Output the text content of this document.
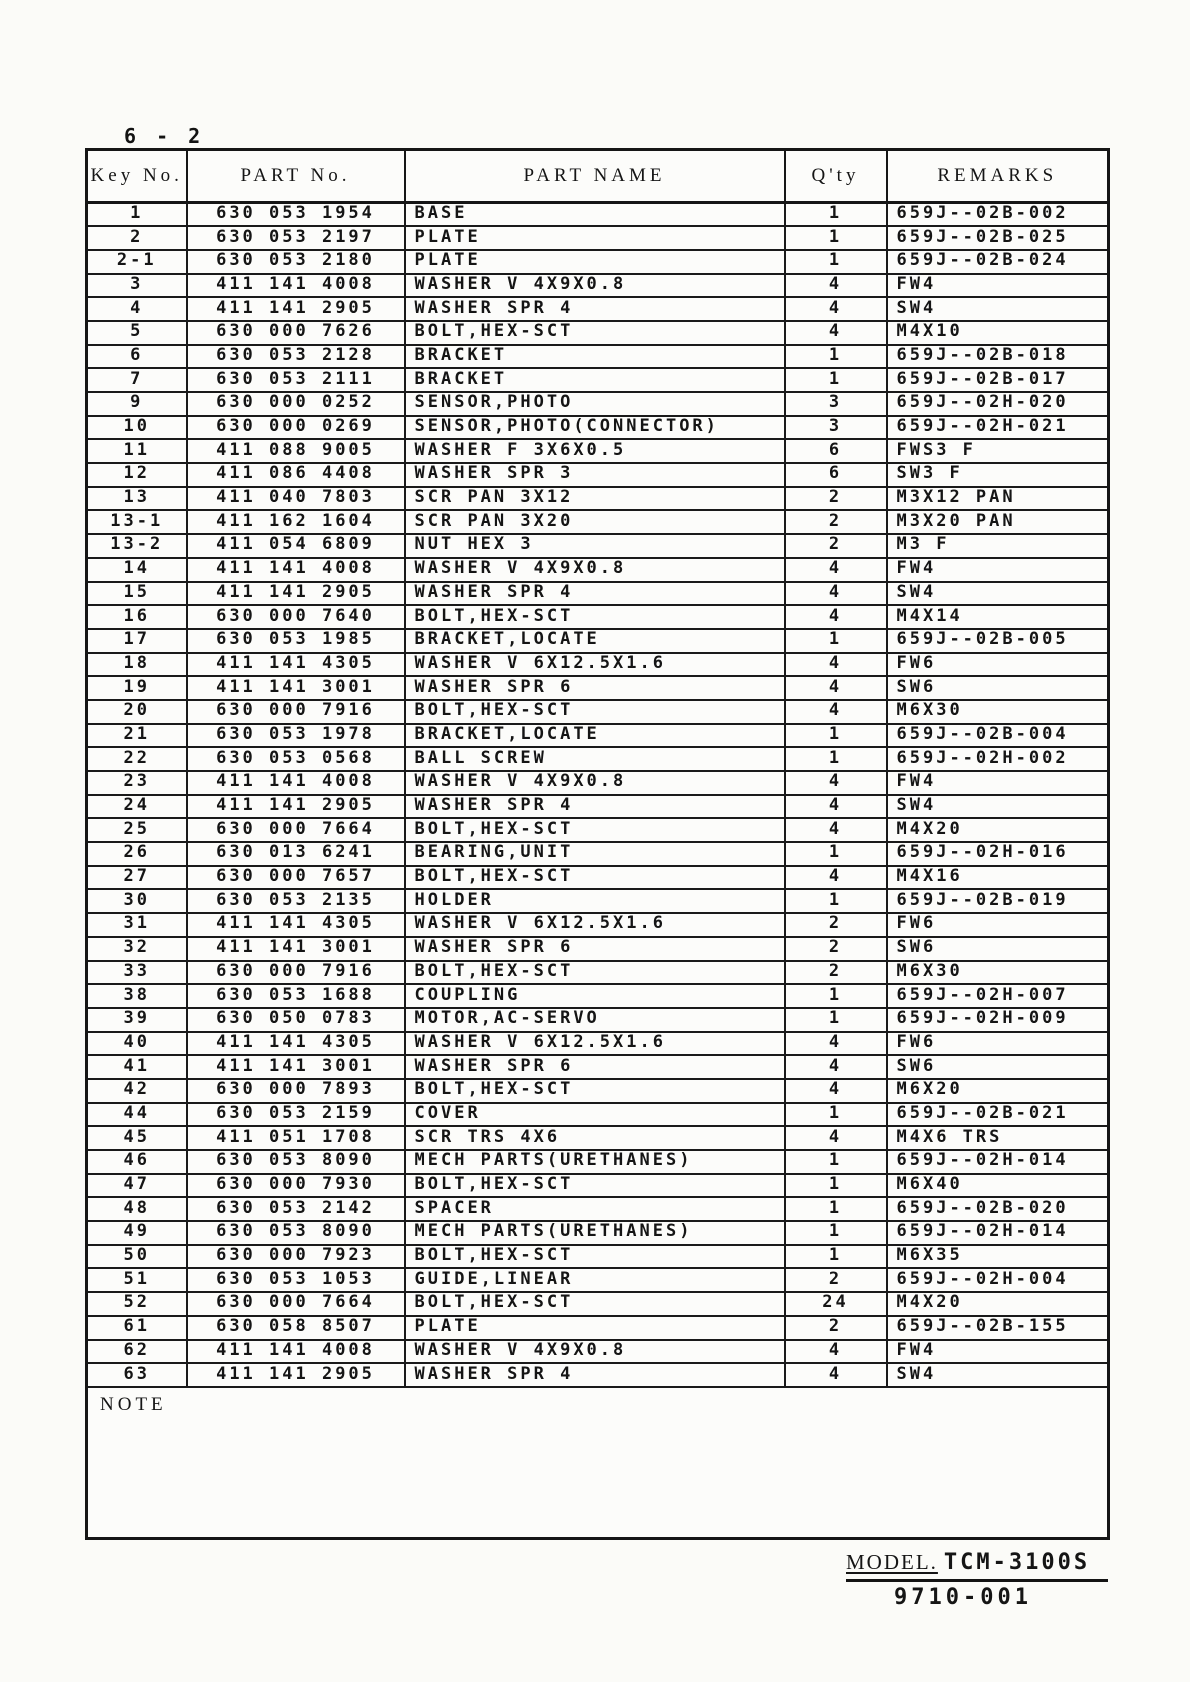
6 - 2
Key No.	PART No.	PART NAME	Q'ty	REMARKS
1	630 053 1954	BASE	1	659J--02B-002
2	630 053 2197	PLATE	1	659J--02B-025
2-1	630 053 2180	PLATE	1	659J--02B-024
3	411 141 4008	WASHER V 4X9X0.8	4	FW4
4	411 141 2905	WASHER SPR 4	4	SW4
5	630 000 7626	BOLT,HEX-SCT	4	M4X10
6	630 053 2128	BRACKET	1	659J--02B-018
7	630 053 2111	BRACKET	1	659J--02B-017
9	630 000 0252	SENSOR,PHOTO	3	659J--02H-020
10	630 000 0269	SENSOR,PHOTO(CONNECTOR)	3	659J--02H-021
11	411 088 9005	WASHER F 3X6X0.5	6	FWS3 F
12	411 086 4408	WASHER SPR 3	6	SW3 F
13	411 040 7803	SCR PAN 3X12	2	M3X12 PAN
13-1	411 162 1604	SCR PAN 3X20	2	M3X20 PAN
13-2	411 054 6809	NUT HEX 3	2	M3 F
14	411 141 4008	WASHER V 4X9X0.8	4	FW4
15	411 141 2905	WASHER SPR 4	4	SW4
16	630 000 7640	BOLT,HEX-SCT	4	M4X14
17	630 053 1985	BRACKET,LOCATE	1	659J--02B-005
18	411 141 4305	WASHER V 6X12.5X1.6	4	FW6
19	411 141 3001	WASHER SPR 6	4	SW6
20	630 000 7916	BOLT,HEX-SCT	4	M6X30
21	630 053 1978	BRACKET,LOCATE	1	659J--02B-004
22	630 053 0568	BALL SCREW	1	659J--02H-002
23	411 141 4008	WASHER V 4X9X0.8	4	FW4
24	411 141 2905	WASHER SPR 4	4	SW4
25	630 000 7664	BOLT,HEX-SCT	4	M4X20
26	630 013 6241	BEARING,UNIT	1	659J--02H-016
27	630 000 7657	BOLT,HEX-SCT	4	M4X16
30	630 053 2135	HOLDER	1	659J--02B-019
31	411 141 4305	WASHER V 6X12.5X1.6	2	FW6
32	411 141 3001	WASHER SPR 6	2	SW6
33	630 000 7916	BOLT,HEX-SCT	2	M6X30
38	630 053 1688	COUPLING	1	659J--02H-007
39	630 050 0783	MOTOR,AC-SERVO	1	659J--02H-009
40	411 141 4305	WASHER V 6X12.5X1.6	4	FW6
41	411 141 3001	WASHER SPR 6	4	SW6
42	630 000 7893	BOLT,HEX-SCT	4	M6X20
44	630 053 2159	COVER	1	659J--02B-021
45	411 051 1708	SCR TRS 4X6	4	M4X6 TRS
46	630 053 8090	MECH PARTS(URETHANES)	1	659J--02H-014
47	630 000 7930	BOLT,HEX-SCT	1	M6X40
48	630 053 2142	SPACER	1	659J--02B-020
49	630 053 8090	MECH PARTS(URETHANES)	1	659J--02H-014
50	630 000 7923	BOLT,HEX-SCT	1	M6X35
51	630 053 1053	GUIDE,LINEAR	2	659J--02H-004
52	630 000 7664	BOLT,HEX-SCT	24	M4X20
61	630 058 8507	PLATE	2	659J--02B-155
62	411 141 4008	WASHER V 4X9X0.8	4	FW4
63	411 141 2905	WASHER SPR 4	4	SW4
NOTE				
MODEL. TCM-3100S
9710-001
